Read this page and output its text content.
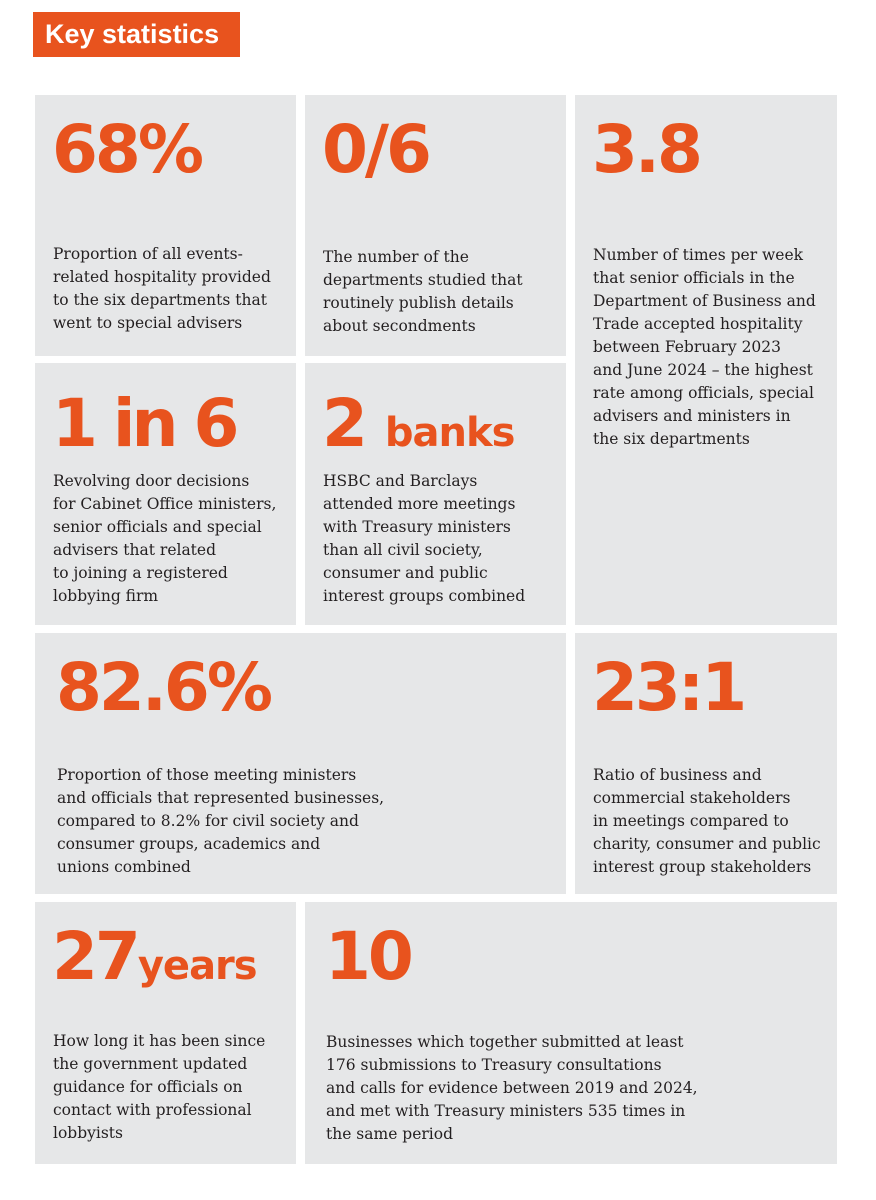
Key statistics
68%
Proportion of all events-
related hospitality provided
to the six departments that
went to special advisers
0/6
The number of the
departments studied that
routinely publish details
about secondments
3.8
Number of times per week
that senior officials in the
Department of Business and
Trade accepted hospitality
between February 2023
and June 2024 – the highest
rate among officials, special
advisers and ministers in
the six departments
1 in 6
Revolving door decisions
for Cabinet Office ministers,
senior officials and special
advisers that related
to joining a registered
lobbying firm
2 banks
HSBC and Barclays
attended more meetings
with Treasury ministers
than all civil society,
consumer and public
interest groups combined
82.6%
Proportion of those meeting ministers
and officials that represented businesses,
compared to 8.2% for civil society and
consumer groups, academics and
unions combined
23:1
Ratio of business and
commercial stakeholders
in meetings compared to
charity, consumer and public
interest group stakeholders
27years
How long it has been since
the government updated
guidance for officials on
contact with professional
lobbyists
10
Businesses which together submitted at least
176 submissions to Treasury consultations
and calls for evidence between 2019 and 2024,
and met with Treasury ministers 535 times in
the same period
